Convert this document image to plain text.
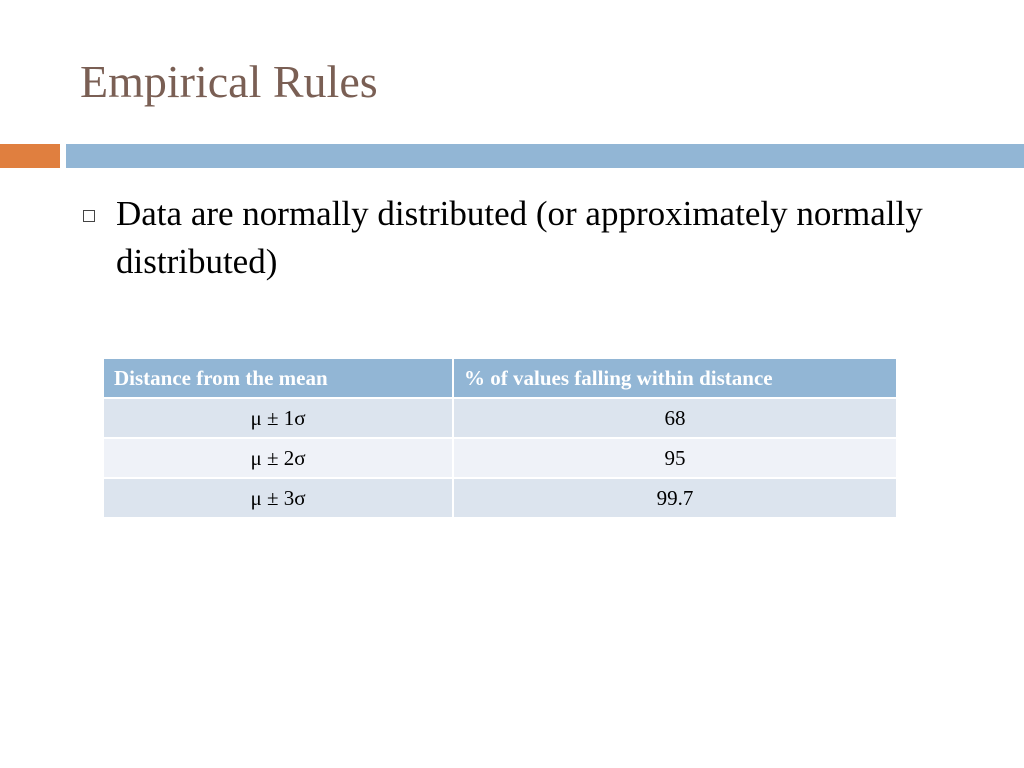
Empirical Rules
Data are normally distributed (or approximately normally distributed)
Distance from the mean	% of values falling within distance
μ ± 1σ	68
μ ± 2σ	95
μ ± 3σ	99.7
